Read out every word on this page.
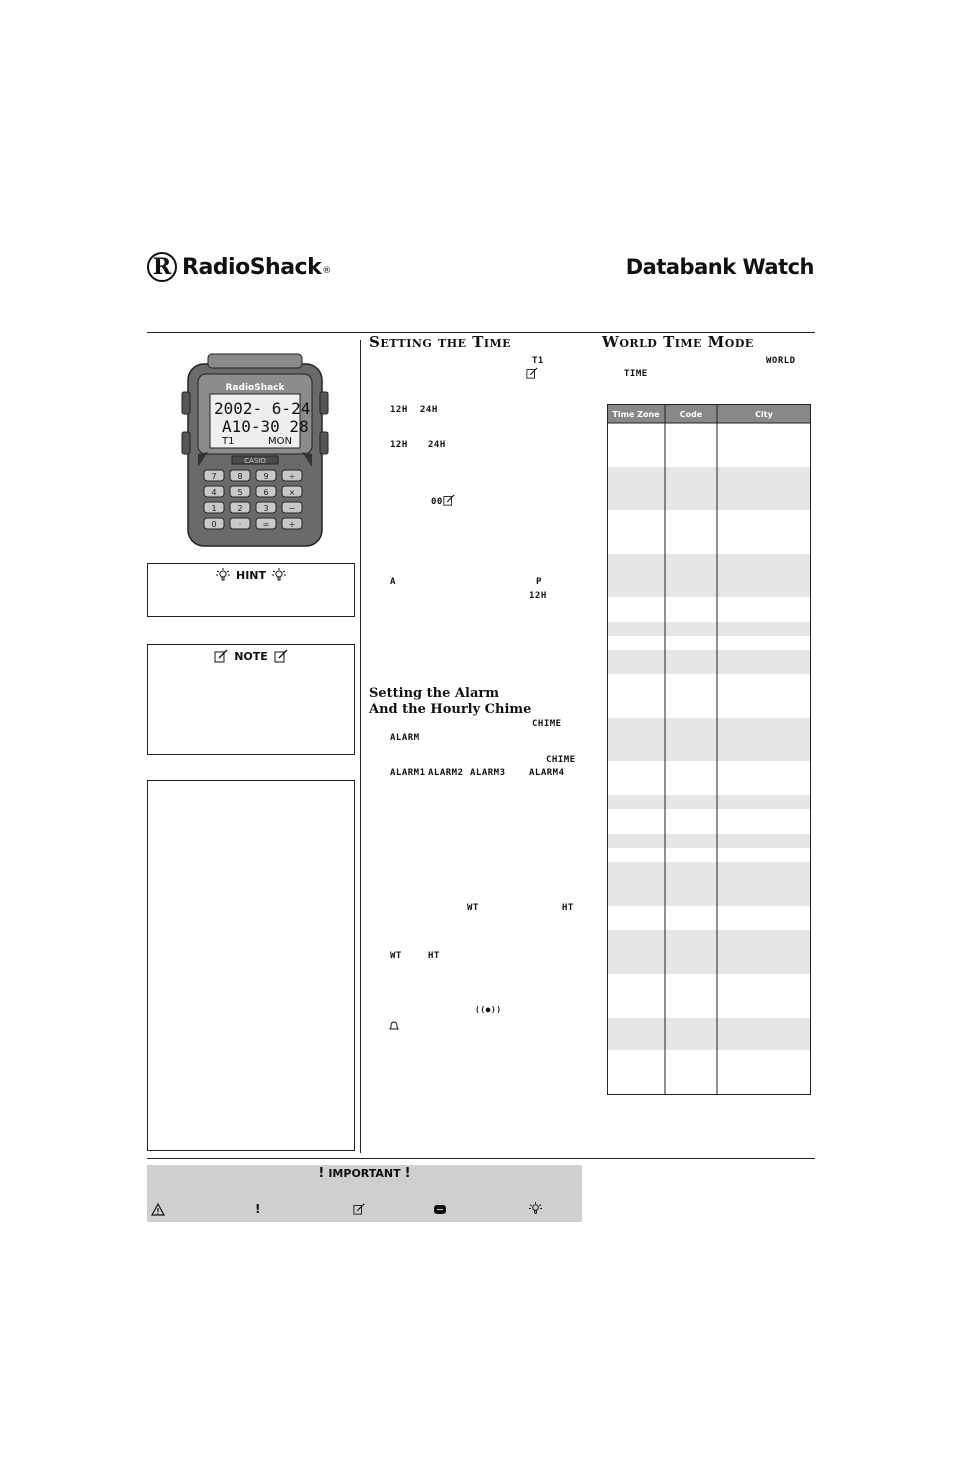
R RadioShack ®	Databank Watch
RadioShack
2002- 6-24
A10-30 28
T1	MON
CASIO
7	8	9	÷
4	5	6	×
1	2	3	−
0	·	= +
HINT
NOTE
Setting the Time
T1
12H 24H
12H 24H
00
A	P
12H
Setting the Alarm
And the Hourly Chime
CHIME
ALARM
CHIME
ALARM1 ALARM2 ALARM3	ALARM4
WT	HT
WT	HT
((●))
World Time Mode
WORLD
TIME
Time Zone	Code	City
! IMPORTANT !
!
